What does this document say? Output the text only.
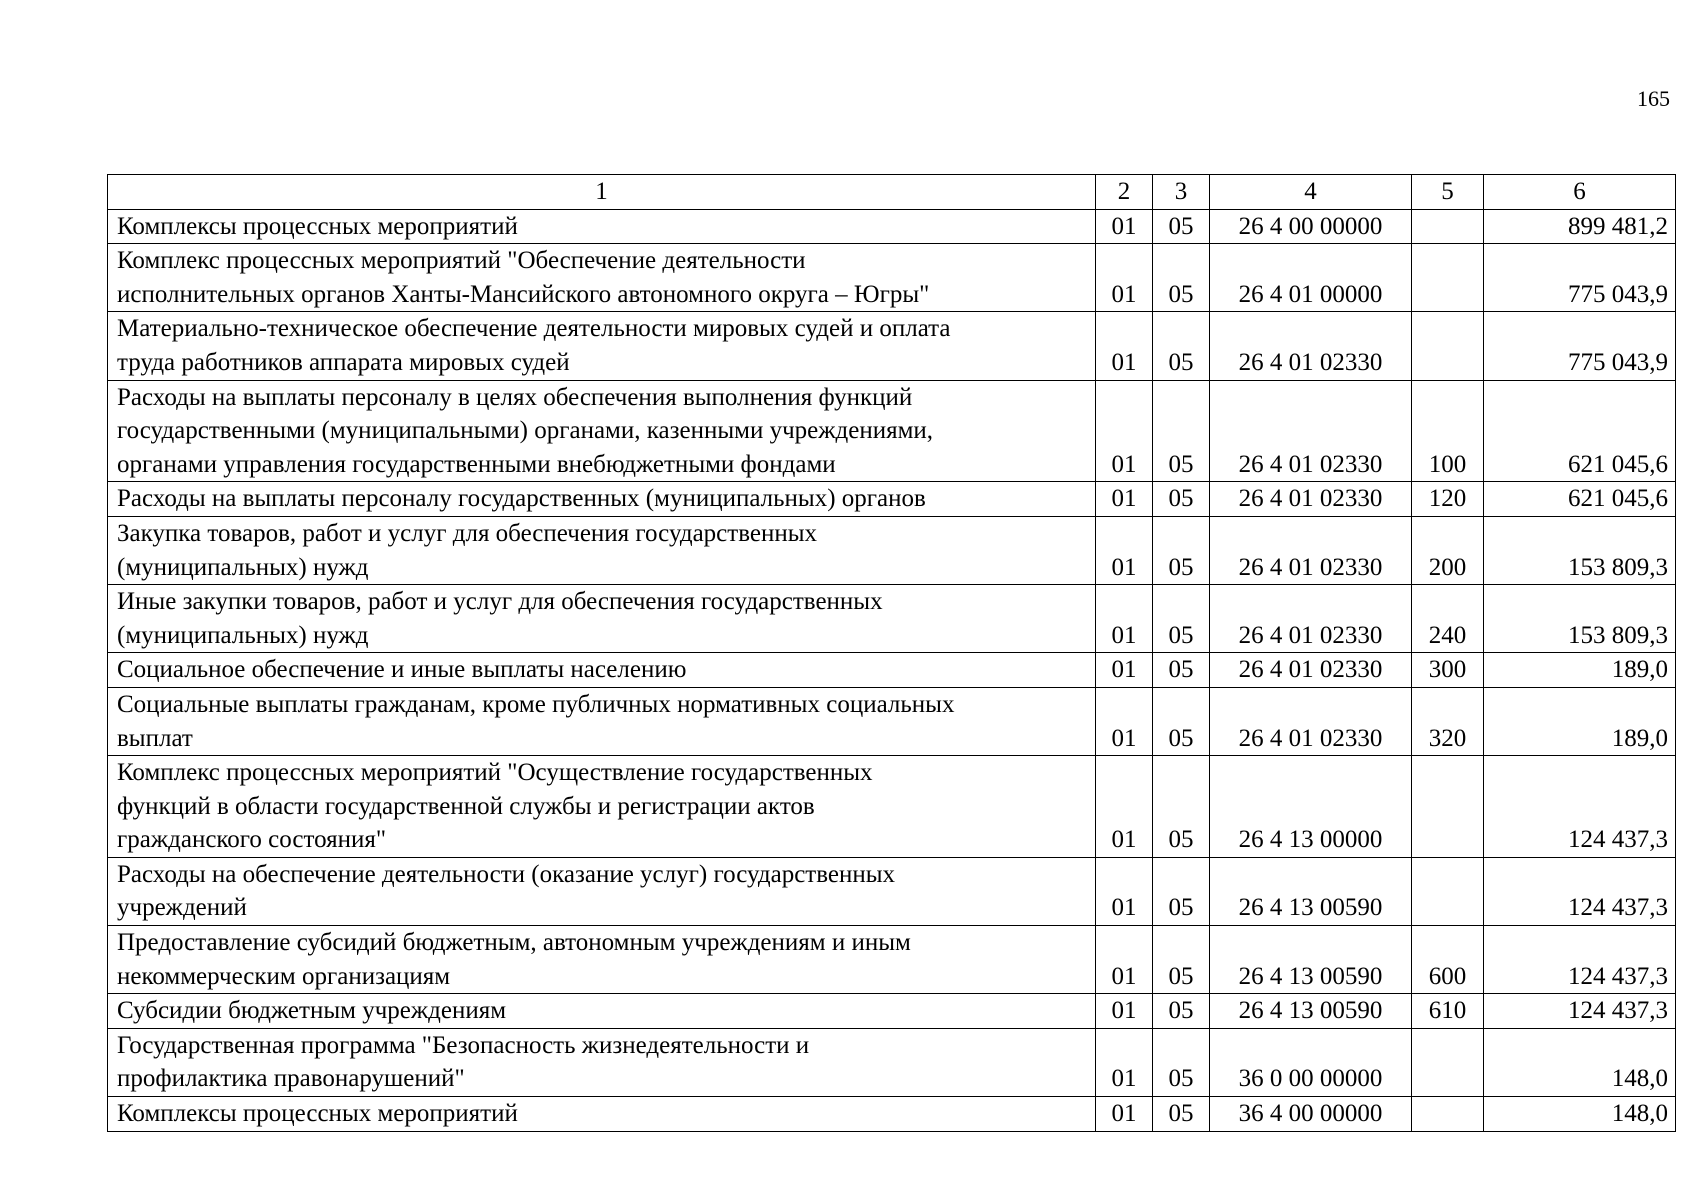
165
1	2	3	4	5	6

Комплексы процессных мероприятий	01	05	26 4 00 00000		899 481,2

Комплекс процессных мероприятий "Обеспечение деятельности
исполнительных органов Ханты-Мансийского автономного округа – Югры"	01	05	26 4 01 00000		775 043,9

Материально-техническое обеспечение деятельности мировых судей и оплата
труда работников аппарата мировых судей	01	05	26 4 01 02330		775 043,9

Расходы на выплаты персоналу в целях обеспечения выполнения функций
государственными (муниципальными) органами, казенными учреждениями,
органами управления государственными внебюджетными фондами	01	05	26 4 01 02330	100	621 045,6

Расходы на выплаты персоналу государственных (муниципальных) органов	01	05	26 4 01 02330	120	621 045,6

Закупка товаров, работ и услуг для обеспечения государственных
(муниципальных) нужд	01	05	26 4 01 02330	200	153 809,3

Иные закупки товаров, работ и услуг для обеспечения государственных
(муниципальных) нужд	01	05	26 4 01 02330	240	153 809,3

Социальное обеспечение и иные выплаты населению	01	05	26 4 01 02330	300	189,0

Социальные выплаты гражданам, кроме публичных нормативных социальных
выплат	01	05	26 4 01 02330	320	189,0

Комплекс процессных мероприятий "Осуществление государственных
функций в области государственной службы и регистрации актов
гражданского состояния"	01	05	26 4 13 00000		124 437,3

Расходы на обеспечение деятельности (оказание услуг) государственных
учреждений	01	05	26 4 13 00590		124 437,3

Предоставление субсидий бюджетным, автономным учреждениям и иным
некоммерческим организациям	01	05	26 4 13 00590	600	124 437,3

Субсидии бюджетным учреждениям	01	05	26 4 13 00590	610	124 437,3

Государственная программа "Безопасность жизнедеятельности и
профилактика правонарушений"	01	05	36 0 00 00000		148,0

Комплексы процессных мероприятий	01	05	36 4 00 00000		148,0
